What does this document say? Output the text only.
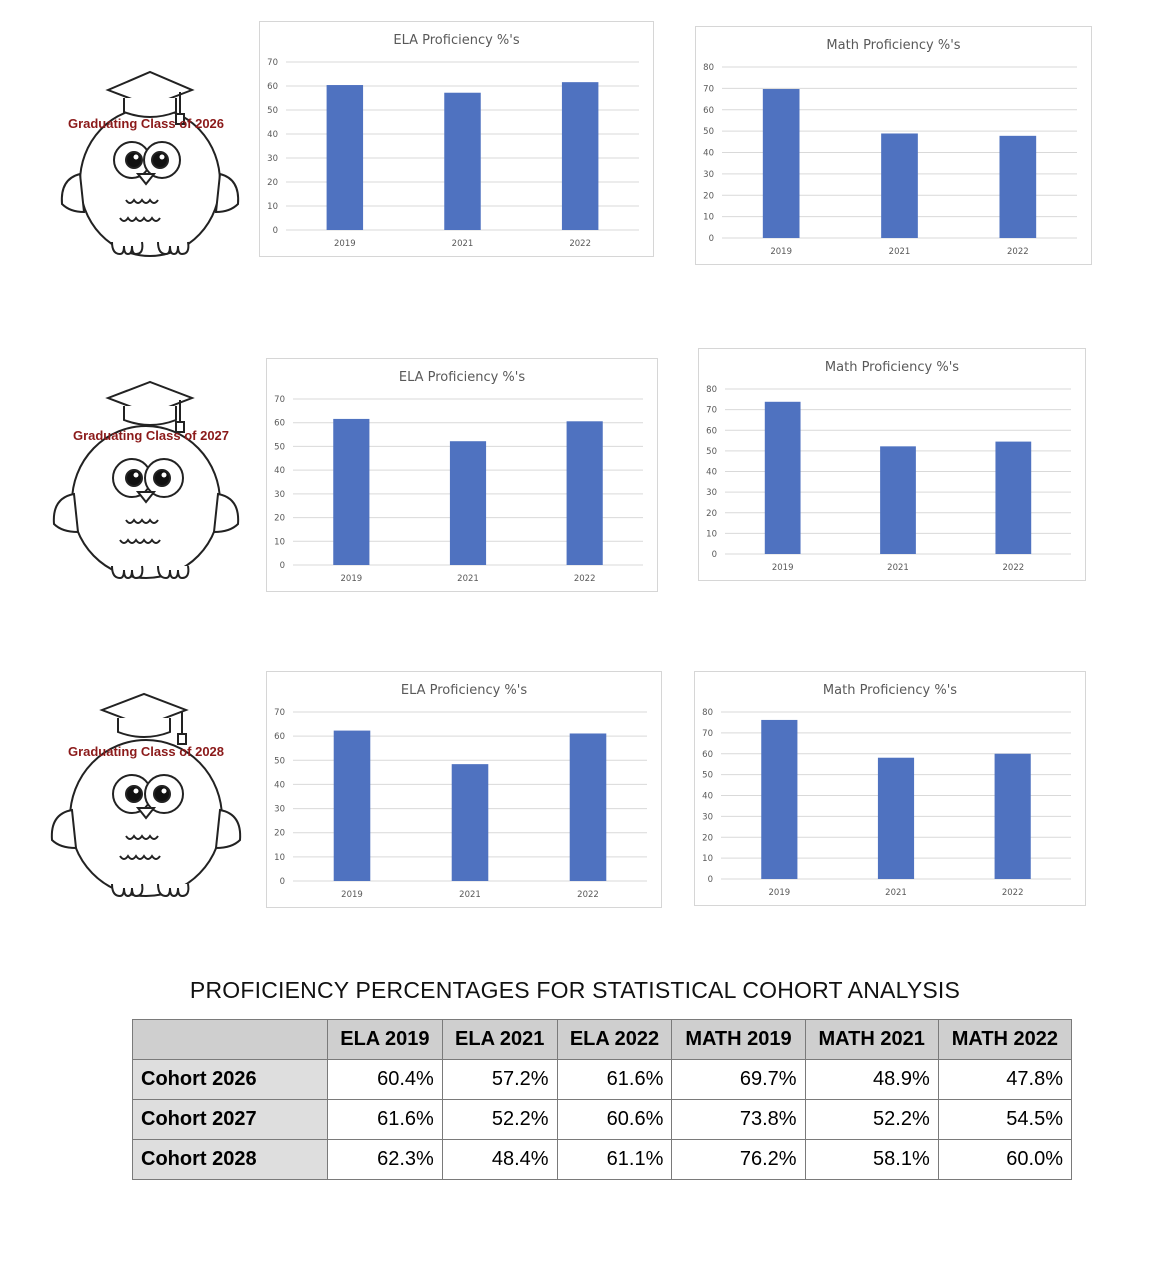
Graduating Class of 2026
Graduating Class of 2027
Graduating Class of 2028
ELA Proficiency %'s
0
10
20
30
40
50
60
70
2019	2021	2022
Math Proficiency %'s
0
10
20
30
40
50
60
70
80
2019	2021	2022
ELA Proficiency %'s
0
10
20
30
40
50
60
70
2019	2021	2022
Math Proficiency %'s
0
10
20
30
40
50
60
70
80
2019	2021	2022
ELA Proficiency %'s
0
10
20
30
40
50
60
70
2019	2021	2022
Math Proficiency %'s
0
10
20
30
40
50
60
70
80
2019	2021	2022
PROFICIENCY PERCENTAGES FOR STATISTICAL COHORT ANALYSIS
	ELA 2019	ELA 2021	ELA 2022	MATH 2019	MATH 2021	MATH 2022
Cohort 2026	60.4%	57.2%	61.6%	69.7%	48.9%	47.8%
Cohort 2027	61.6%	52.2%	60.6%	73.8%	52.2%	54.5%
Cohort 2028	62.3%	48.4%	61.1%	76.2%	58.1%	60.0%
